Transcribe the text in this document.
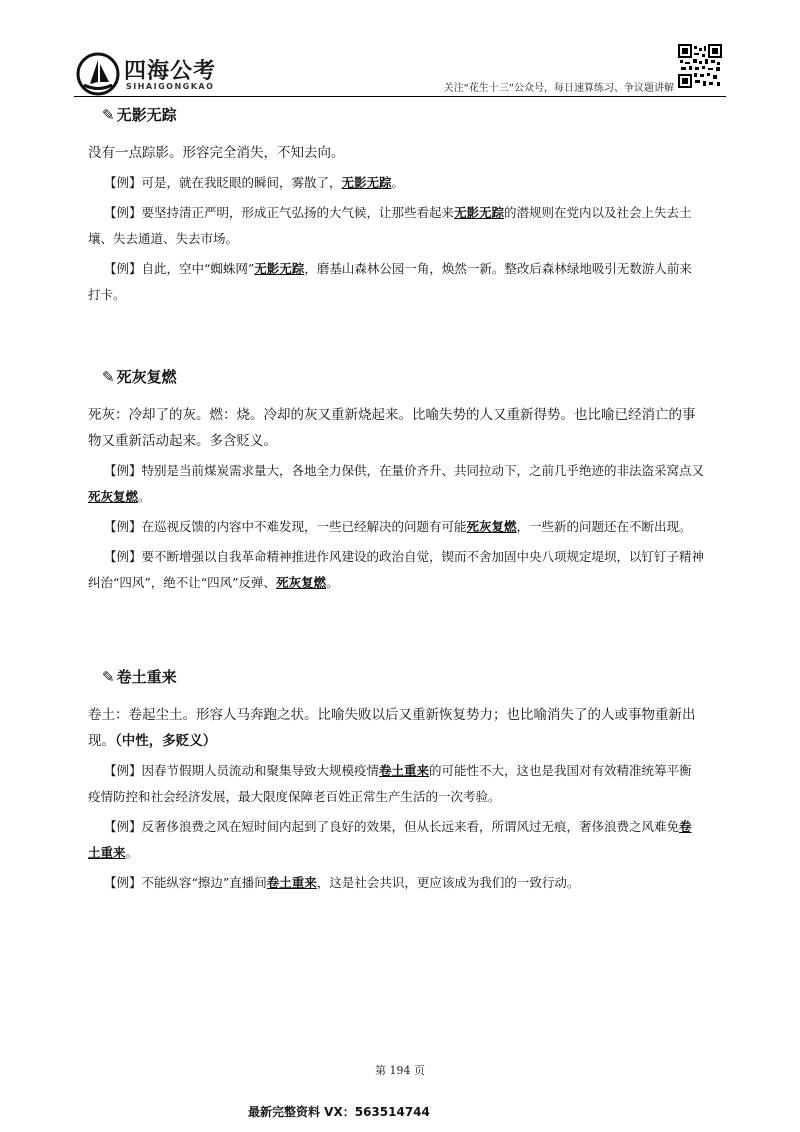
四海公考
SIHAIGONGKAO	关注“花生十三”公众号，每日速算练习、争议题讲解
✎ 无影无踪

没有一点踪影。形容完全消失，不知去向。

【例】可是，就在我眨眼的瞬间，雾散了，无影无踪。

【例】要坚持清正严明，形成正气弘扬的大气候，让那些看起来无影无踪的潜规则在党内以及社会上失去土壤、失去通道、失去市场。

【例】自此，空中“蜘蛛网”无影无踪，磨基山森林公园一角，焕然一新。整改后森林绿地吸引无数游人前来打卡。

✎ 死灰复燃

死灰：冷却了的灰。燃：烧。冷却的灰又重新烧起来。比喻失势的人又重新得势。也比喻已经消亡的事物又重新活动起来。多含贬义。

【例】特别是当前煤炭需求量大，各地全力保供，在量价齐升、共同拉动下，之前几乎绝迹的非法盗采窝点又死灰复燃。

【例】在巡视反馈的内容中不难发现，一些已经解决的问题有可能死灰复燃，一些新的问题还在不断出现。

【例】要不断增强以自我革命精神推进作风建设的政治自觉，锲而不舍加固中央八项规定堤坝，以钉钉子精神纠治“四风”，绝不让“四风”反弹、死灰复燃。

✎ 卷土重来

卷土：卷起尘土。形容人马奔跑之状。比喻失败以后又重新恢复势力；也比喻消失了的人或事物重新出现。（中性，多贬义）

【例】因春节假期人员流动和聚集导致大规模疫情卷土重来的可能性不大，这也是我国对有效精准统筹平衡疫情防控和社会经济发展，最大限度保障老百姓正常生产生活的一次考验。

【例】反奢侈浪费之风在短时间内起到了良好的效果，但从长远来看，所谓风过无痕，奢侈浪费之风难免卷土重来。

【例】不能纵容“擦边”直播间卷土重来，这是社会共识，更应该成为我们的一致行动。

第 194 页
最新完整资料 VX：563514744
